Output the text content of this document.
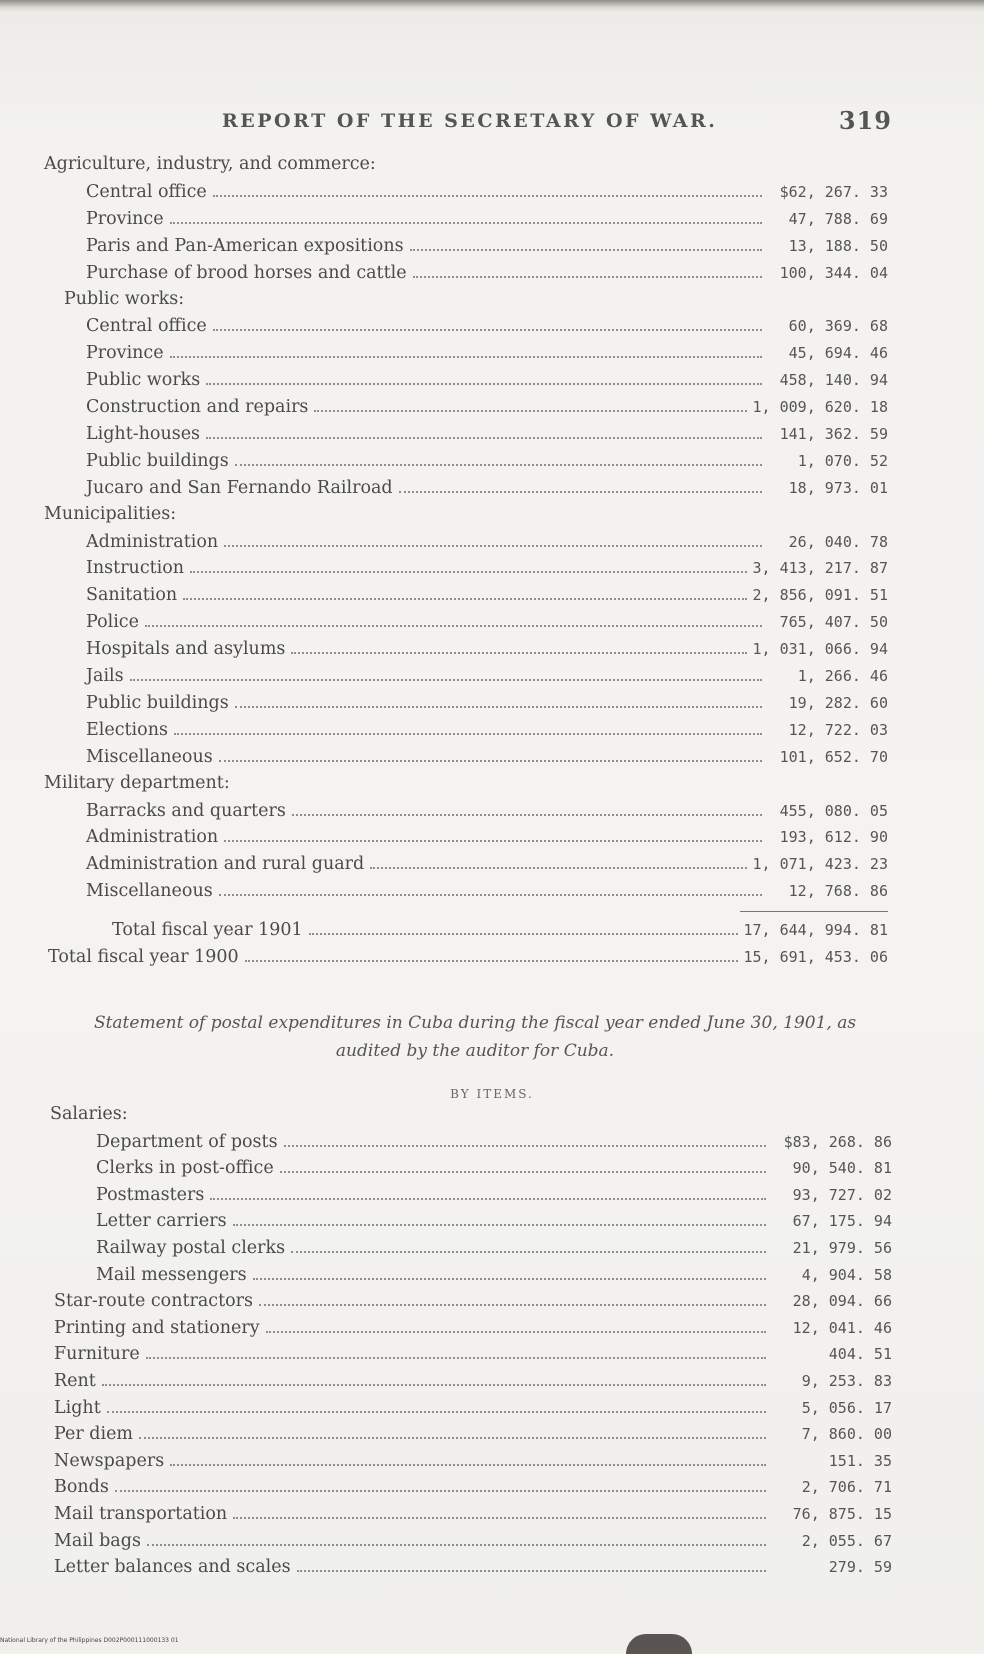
REPORT OF THE SECRETARY OF WAR.	319
Agriculture, industry, and commerce:
Central office	$62, 267. 33
Province	47, 788. 69
Paris and Pan-American expositions	13, 188. 50
Purchase of brood horses and cattle	100, 344. 04
Public works:
Central office	60, 369. 68
Province	45, 694. 46
Public works	458, 140. 94
Construction and repairs	1, 009, 620. 18
Light-houses	141, 362. 59
Public buildings	1, 070. 52
Jucaro and San Fernando Railroad	18, 973. 01
Municipalities:
Administration	26, 040. 78
Instruction	3, 413, 217. 87
Sanitation	2, 856, 091. 51
Police	765, 407. 50
Hospitals and asylums	1, 031, 066. 94
Jails	1, 266. 46
Public buildings	19, 282. 60
Elections	12, 722. 03
Miscellaneous	101, 652. 70
Military department:
Barracks and quarters	455, 080. 05
Administration	193, 612. 90
Administration and rural guard	1, 071, 423. 23
Miscellaneous	12, 768. 86
Total fiscal year 1901	17, 644, 994. 81
Total fiscal year 1900	15, 691, 453. 06
Statement of postal expenditures in Cuba during the fiscal year ended June 30, 1901, as
audited by the auditor for Cuba.
BY ITEMS.
Salaries:
Department of posts	$83, 268. 86
Clerks in post-office	90, 540. 81
Postmasters	93, 727. 02
Letter carriers	67, 175. 94
Railway postal clerks	21, 979. 56
Mail messengers	4, 904. 58
Star-route contractors	28, 094. 66
Printing and stationery	12, 041. 46
Furniture	404. 51
Rent	9, 253. 83
Light	5, 056. 17
Per diem	7, 860. 00
Newspapers	151. 35
Bonds	2, 706. 71
Mail transportation	76, 875. 15
Mail bags	2, 055. 67
Letter balances and scales	279. 59
National Library of the Philippines D002P000111000133 01
